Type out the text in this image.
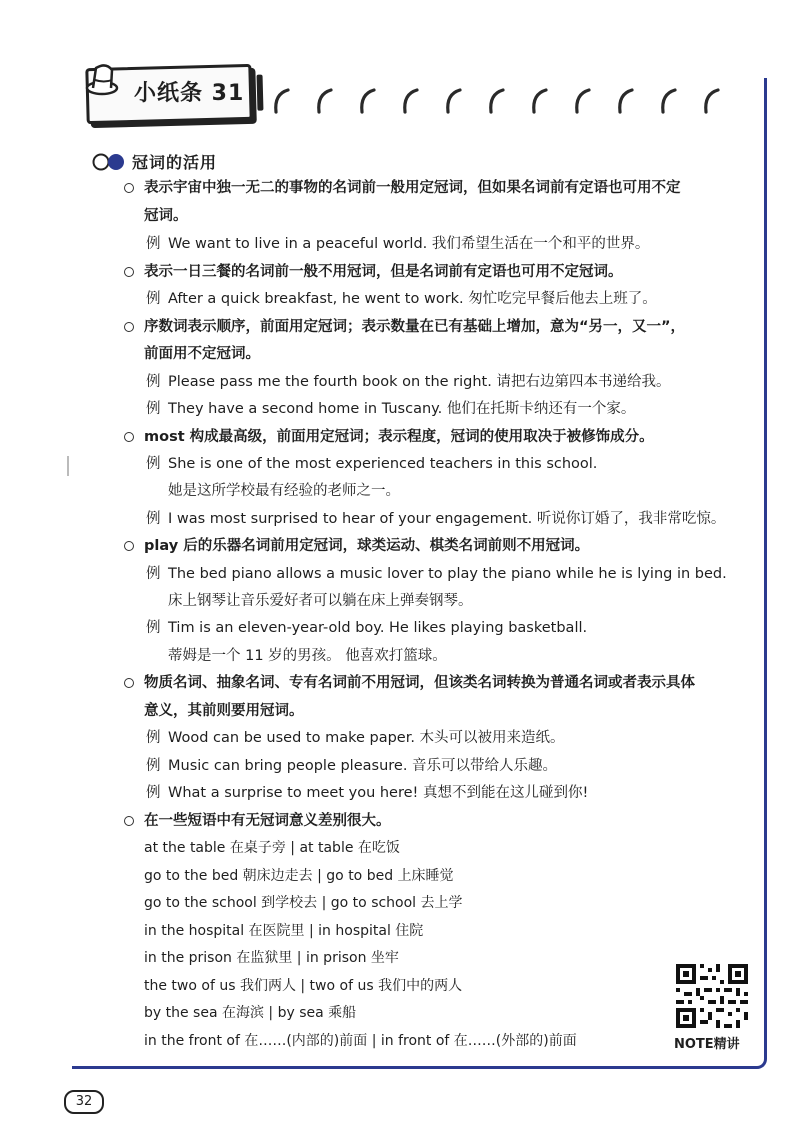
小纸条 31
冠词的活用
表示宇宙中独一无二的事物的名词前一般用定冠词，但如果名词前有定语也可用不定
冠词。
例 We want to live in a peaceful world. 我们希望生活在一个和平的世界。
表示一日三餐的名词前一般不用冠词，但是名词前有定语也可用不定冠词。
例 After a quick breakfast, he went to work. 匆忙吃完早餐后他去上班了。
序数词表示顺序，前面用定冠词；表示数量在已有基础上增加，意为“另一，又一”，
前面用不定冠词。
例 Please pass me the fourth book on the right. 请把右边第四本书递给我。
例 They have a second home in Tuscany. 他们在托斯卡纳还有一个家。
most 构成最高级，前面用定冠词；表示程度，冠词的使用取决于被修饰成分。
例 She is one of the most experienced teachers in this school.
她是这所学校最有经验的老师之一。
例 I was most surprised to hear of your engagement. 听说你订婚了，我非常吃惊。
play 后的乐器名词前用定冠词，球类运动、棋类名词前则不用冠词。
例 The bed piano allows a music lover to play the piano while he is lying in bed.
床上钢琴让音乐爱好者可以躺在床上弹奏钢琴。
例 Tim is an eleven-year-old boy. He likes playing basketball.
蒂姆是一个 11 岁的男孩。 他喜欢打篮球。
物质名词、抽象名词、专有名词前不用冠词，但该类名词转换为普通名词或者表示具体
意义，其前则要用冠词。
例 Wood can be used to make paper. 木头可以被用来造纸。
例 Music can bring people pleasure. 音乐可以带给人乐趣。
例 What a surprise to meet you here! 真想不到能在这儿碰到你!
在一些短语中有无冠词意义差别很大。
at the table 在桌子旁 | at table 在吃饭
go to the bed 朝床边走去 | go to bed 上床睡觉
go to the school 到学校去 | go to school 去上学
in the hospital 在医院里 | in hospital 住院
in the prison 在监狱里 | in prison 坐牢
the two of us 我们两人 | two of us 我们中的两人
by the sea 在海滨 | by sea 乘船
in the front of 在……(内部的)前面 | in front of 在……(外部的)前面	NOTE精讲
32
